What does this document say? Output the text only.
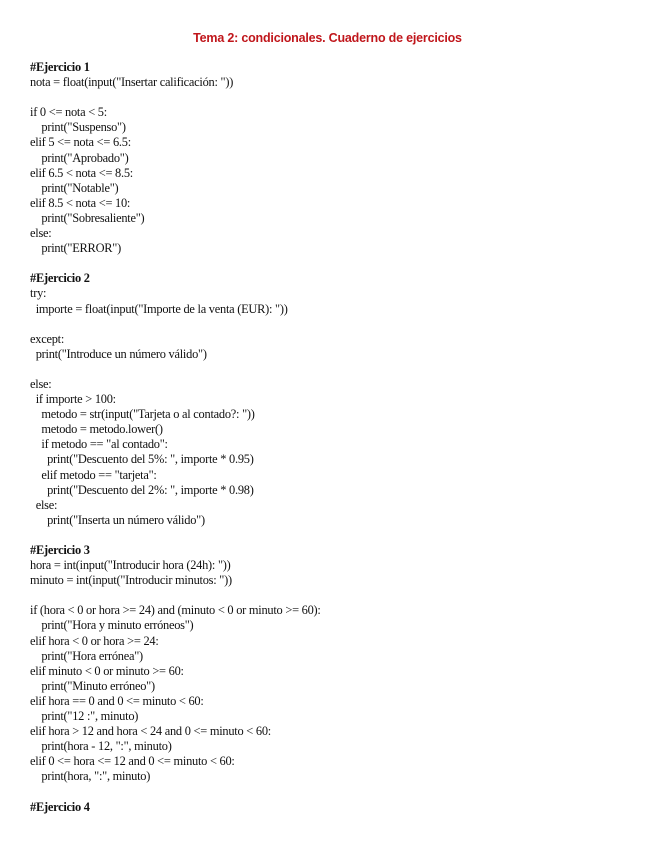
Tema 2: condicionales. Cuaderno de ejercicios
#Ejercicio 1
nota = float(input("Insertar calificación: "))
if 0 <= nota < 5:
print("Suspenso")
elif 5 <= nota <= 6.5:
print("Aprobado")
elif 6.5 < nota <= 8.5:
print("Notable")
elif 8.5 < nota <= 10:
print("Sobresaliente")
else:
print("ERROR")
#Ejercicio 2
try:
importe = float(input("Importe de la venta (EUR): "))
except:
print("Introduce un número válido")
else:
if importe > 100:
metodo = str(input("Tarjeta o al contado?: "))
metodo = metodo.lower()
if metodo == "al contado":
print("Descuento del 5%: ", importe * 0.95)
elif metodo == "tarjeta":
print("Descuento del 2%: ", importe * 0.98)
else:
print("Inserta un número válido")
#Ejercicio 3
hora = int(input("Introducir hora (24h): "))
minuto = int(input("Introducir minutos: "))
if (hora < 0 or hora >= 24) and (minuto < 0 or minuto >= 60):
print("Hora y minuto erróneos")
elif hora < 0 or hora >= 24:
print("Hora errónea")
elif minuto < 0 or minuto >= 60:
print("Minuto erróneo")
elif hora == 0 and 0 <= minuto < 60:
print("12 :", minuto)
elif hora > 12 and hora < 24 and 0 <= minuto < 60:
print(hora - 12, ":", minuto)
elif 0 <= hora <= 12 and 0 <= minuto < 60:
print(hora, ":", minuto)
#Ejercicio 4
